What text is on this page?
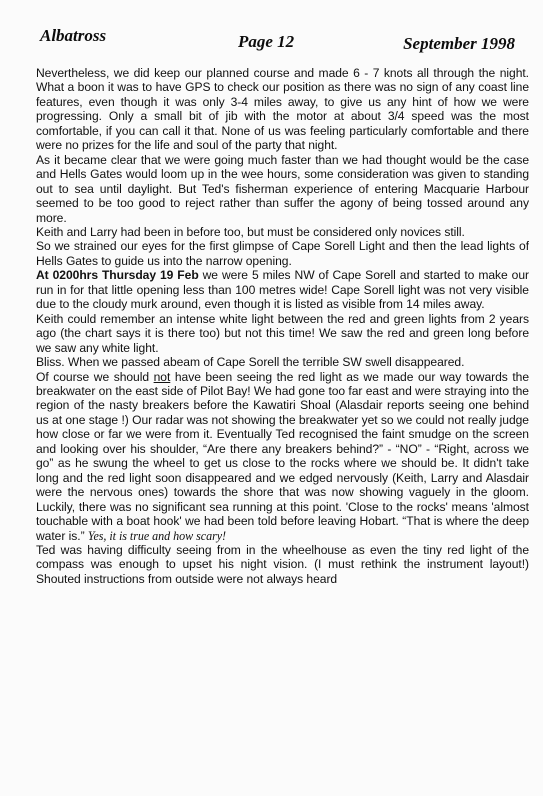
Albatross	Page 12	September 1998

Nevertheless, we did keep our planned course and made 6 - 7 knots all through the night. What a boon it was to have GPS to check our position as there was no sign of any coast line features, even though it was only 3-4 miles away, to give us any hint of how we were progressing. Only a small bit of jib with the motor at about 3/4 speed was the most comfortable, if you can call it that. None of us was feeling particularly comfortable and there were no prizes for the life and soul of the party that night.

As it became clear that we were going much faster than we had thought would be the case and Hells Gates would loom up in the wee hours, some consideration was given to standing out to sea until daylight. But Ted's fisherman experience of entering Macquarie Harbour seemed to be too good to reject rather than suffer the agony of being tossed around any more.

Keith and Larry had been in before too, but must be considered only novices still.

So we strained our eyes for the first glimpse of Cape Sorell Light and then the lead lights of Hells Gates to guide us into the narrow opening.

At 0200hrs Thursday 19 Feb we were 5 miles NW of Cape Sorell and started to make our run in for that little opening less than 100 metres wide! Cape Sorell light was not very visible due to the cloudy murk around, even though it is listed as visible from 14 miles away.

Keith could remember an intense white light between the red and green lights from 2 years ago (the chart says it is there too) but not this time! We saw the red and green long before we saw any white light.

Bliss. When we passed abeam of Cape Sorell the terrible SW swell disappeared.

Of course we should not have been seeing the red light as we made our way towards the breakwater on the east side of Pilot Bay! We had gone too far east and were straying into the region of the nasty breakers before the Kawatiri Shoal (Alasdair reports seeing one behind us at one stage !) Our radar was not showing the breakwater yet so we could not really judge how close or far we were from it. Eventually Ted recognised the faint smudge on the screen and looking over his shoulder, “Are there any breakers behind?” - “NO” - “Right, across we go” as he swung the wheel to get us close to the rocks where we should be. It didn't take long and the red light soon disappeared and we edged nervously (Keith, Larry and Alasdair were the nervous ones) towards the shore that was now showing vaguely in the gloom. Luckily, there was no significant sea running at this point. 'Close to the rocks' means 'almost touchable with a boat hook' we had been told before leaving Hobart. “That is where the deep water is.” Yes, it is true and how scary!

Ted was having difficulty seeing from in the wheelhouse as even the tiny red light of the compass was enough to upset his night vision. (I must rethink the instrument layout!) Shouted instructions from outside were not always heard
